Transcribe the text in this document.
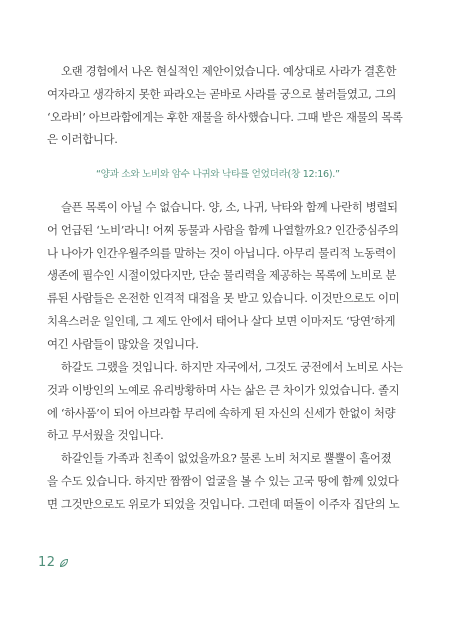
오랜 경험에서 나온 현실적인 제안이었습니다. 예상대로 사라가 결혼한
여자라고 생각하지 못한 파라오는 곧바로 사라를 궁으로 불러들였고, 그의
‘오라비’ 아브라함에게는 후한 재물을 하사했습니다. 그때 받은 재물의 목록
은 이러합니다.
“양과 소와 노비와 암수 나귀와 낙타를 얻었더라(창 12:16).”
슬픈 목록이 아닐 수 없습니다. 양, 소, 나귀, 낙타와 함께 나란히 병렬되
어 언급된 ‘노비’라니! 어찌 동물과 사람을 함께 나열할까요? 인간중심주의
나 나아가 인간우월주의를 말하는 것이 아닙니다. 아무리 물리적 노동력이
생존에 필수인 시절이었다지만, 단순 물리력을 제공하는 목록에 노비로 분
류된 사람들은 온전한 인격적 대접을 못 받고 있습니다. 이것만으로도 이미
치욕스러운 일인데, 그 제도 안에서 태어나 살다 보면 이마저도 ‘당연’하게
여긴 사람들이 많았을 것입니다.
하갈도 그랬을 것입니다. 하지만 자국에서, 그것도 궁전에서 노비로 사는
것과 이방인의 노예로 유리방황하며 사는 삶은 큰 차이가 있었습니다. 졸지
에 ‘하사품’이 되어 아브라함 무리에 속하게 된 자신의 신세가 한없이 처량
하고 무서웠을 것입니다.
하갈인들 가족과 친족이 없었을까요? 물론 노비 처지로 뿔뿔이 흩어졌
을 수도 있습니다. 하지만 짬짬이 얼굴을 볼 수 있는 고국 땅에 함께 있었다
면 그것만으로도 위로가 되었을 것입니다. 그런데 떠돌이 이주자 집단의 노
12
